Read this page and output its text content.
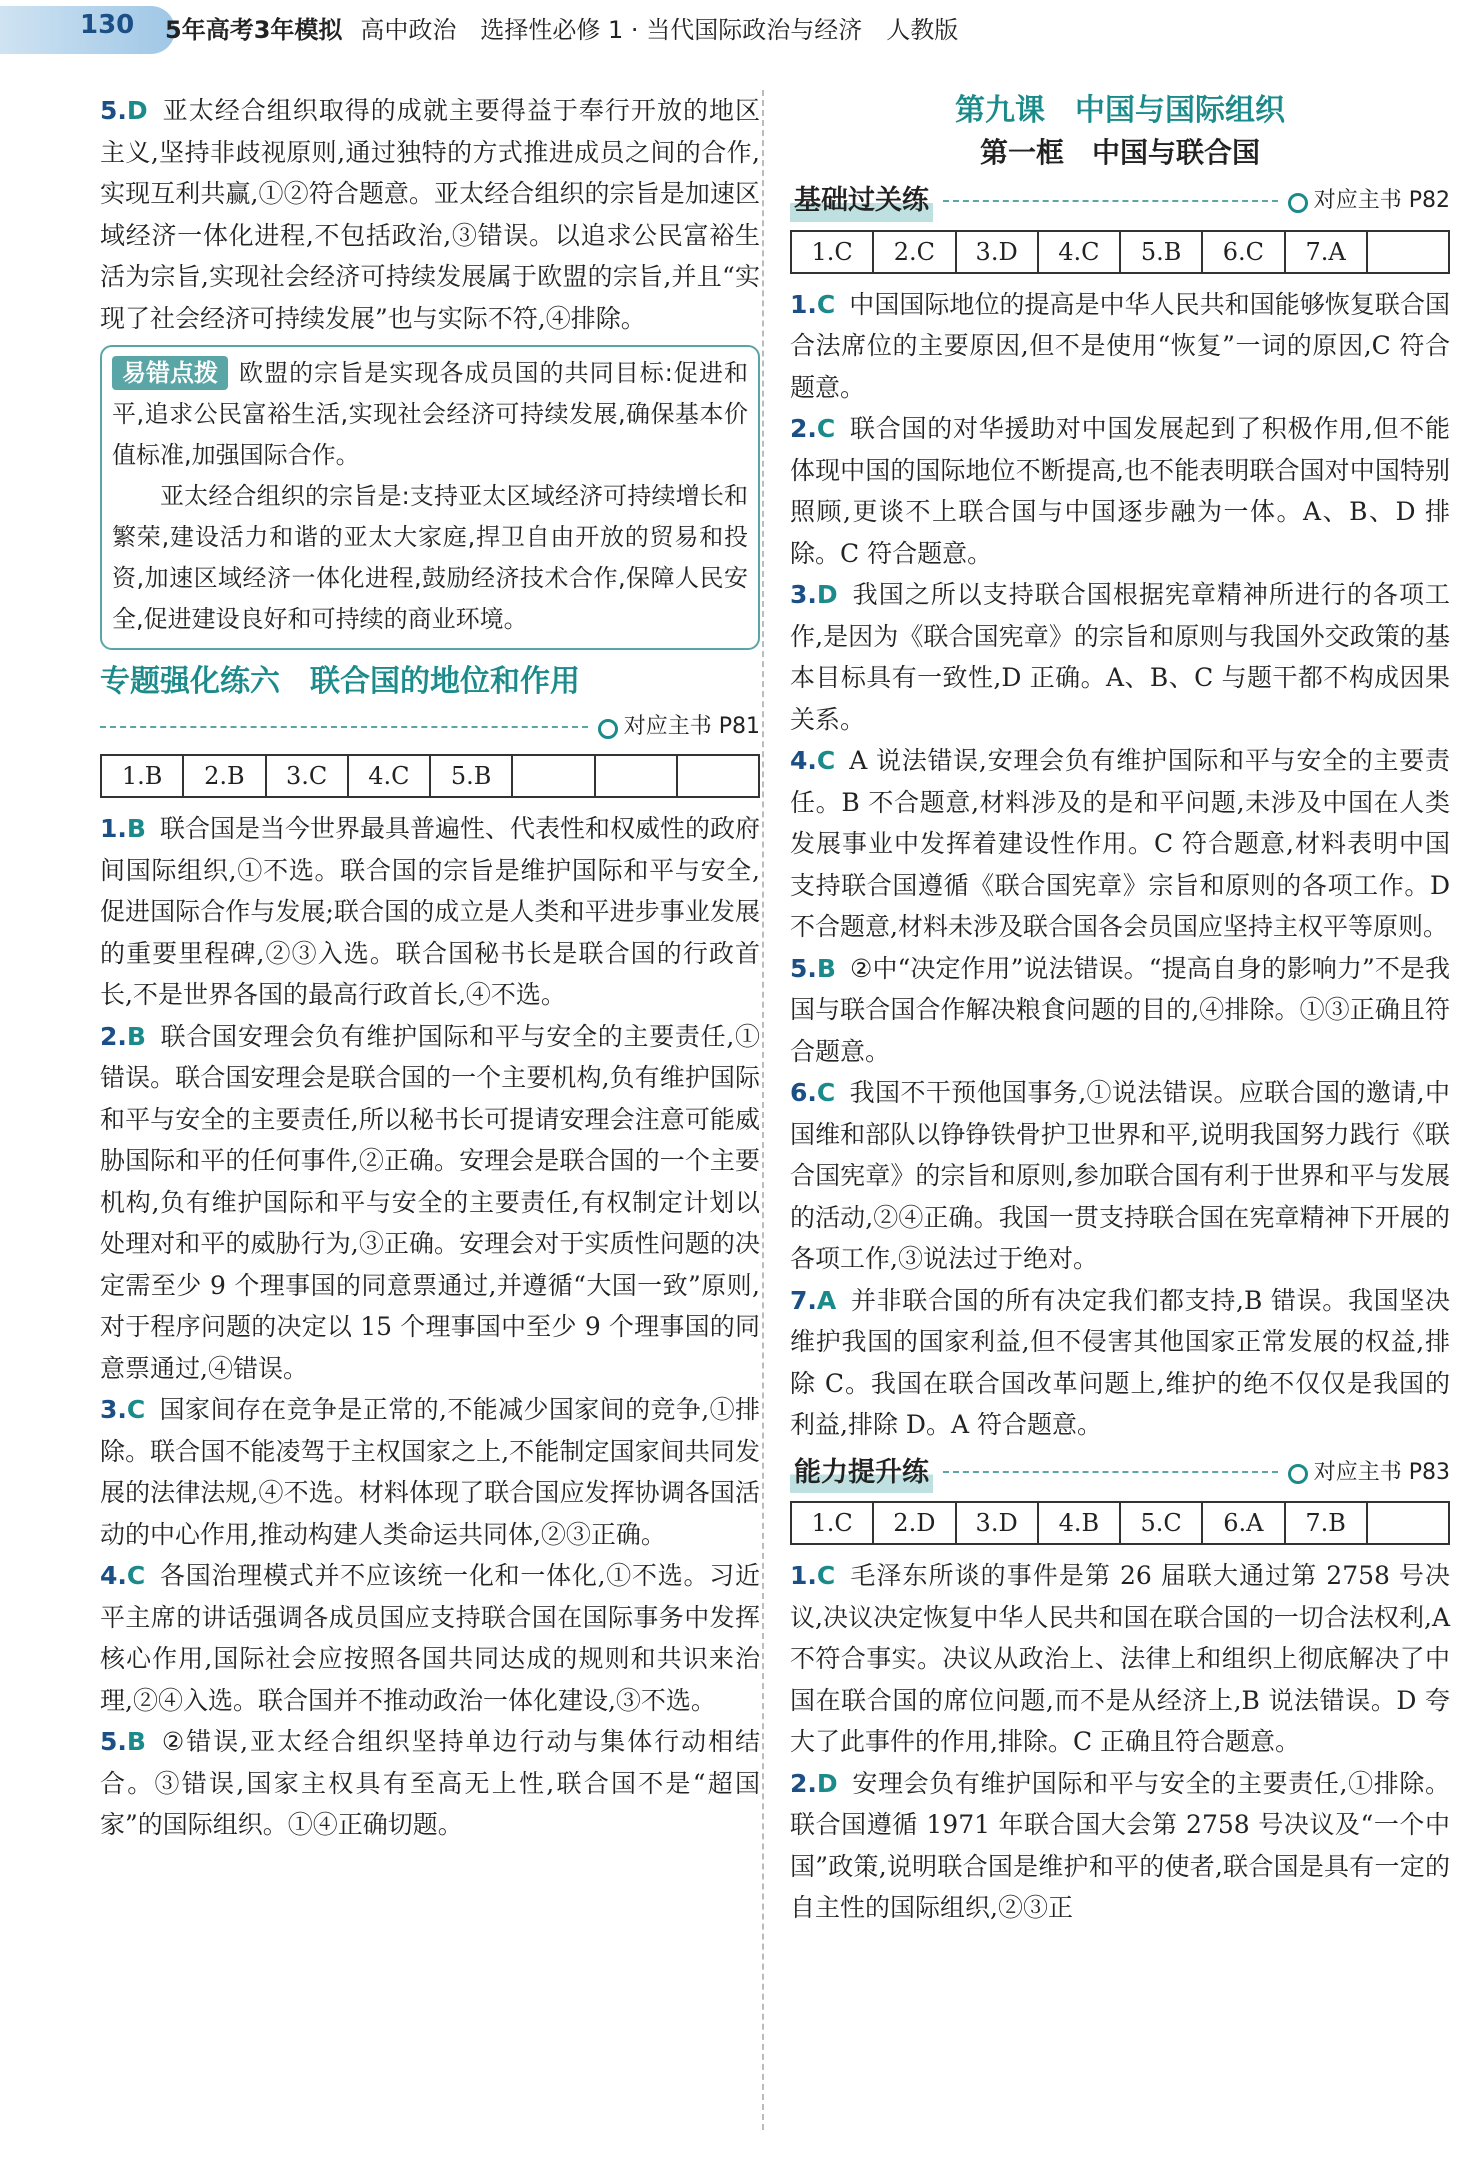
130 5年高考3年模拟 高中政治　选择性必修 1 · 当代国际政治与经济　人教版

5.D 亚太经合组织取得的成就主要得益于奉行开放的地区主义,坚持非歧视原则,通过独特的方式推进成员之间的合作,实现互利共赢,①②符合题意。亚太经合组织的宗旨是加速区域经济一体化进程,不包括政治,③错误。以追求公民富裕生活为宗旨,实现社会经济可持续发展属于欧盟的宗旨,并且“实现了社会经济可持续发展”也与实际不符,④排除。

易错点拨 欧盟的宗旨是实现各成员国的共同目标:促进和平,追求公民富裕生活,实现社会经济可持续发展,确保基本价值标准,加强国际合作。

亚太经合组织的宗旨是:支持亚太区域经济可持续增长和繁荣,建设活力和谐的亚太大家庭,捍卫自由开放的贸易和投资,加速区域经济一体化进程,鼓励经济技术合作,保障人民安全,促进建设良好和可持续的商业环境。

专题强化练六　联合国的地位和作用
对应主书 P81
1.B	2.B	3.C	4.C	5.B

1.B 联合国是当今世界最具普遍性、代表性和权威性的政府间国际组织,①不选。联合国的宗旨是维护国际和平与安全,促进国际合作与发展;联合国的成立是人类和平进步事业发展的重要里程碑,②③入选。联合国秘书长是联合国的行政首长,不是世界各国的最高行政首长,④不选。

2.B 联合国安理会负有维护国际和平与安全的主要责任,①错误。联合国安理会是联合国的一个主要机构,负有维护国际和平与安全的主要责任,所以秘书长可提请安理会注意可能威胁国际和平的任何事件,②正确。安理会是联合国的一个主要机构,负有维护国际和平与安全的主要责任,有权制定计划以处理对和平的威胁行为,③正确。安理会对于实质性问题的决定需至少 9 个理事国的同意票通过,并遵循“大国一致”原则,对于程序问题的决定以 15 个理事国中至少 9 个理事国的同意票通过,④错误。

3.C 国家间存在竞争是正常的,不能减少国家间的竞争,①排除。联合国不能凌驾于主权国家之上,不能制定国家间共同发展的法律法规,④不选。材料体现了联合国应发挥协调各国活动的中心作用,推动构建人类命运共同体,②③正确。

4.C 各国治理模式并不应该统一化和一体化,①不选。习近平主席的讲话强调各成员国应支持联合国在国际事务中发挥核心作用,国际社会应按照各国共同达成的规则和共识来治理,②④入选。联合国并不推动政治一体化建设,③不选。

5.B ②错误,亚太经合组织坚持单边行动与集体行动相结合。③错误,国家主权具有至高无上性,联合国不是“超国家”的国际组织。①④正确切题。

第九课　中国与国际组织
第一框　中国与联合国
基础过关练	对应主书 P82
1.C	2.C	3.D	4.C	5.B	6.C	7.A

1.C 中国国际地位的提高是中华人民共和国能够恢复联合国合法席位的主要原因,但不是使用“恢复”一词的原因,C 符合题意。

2.C 联合国的对华援助对中国发展起到了积极作用,但不能体现中国的国际地位不断提高,也不能表明联合国对中国特别照顾,更谈不上联合国与中国逐步融为一体。A、B、D 排除。C 符合题意。

3.D 我国之所以支持联合国根据宪章精神所进行的各项工作,是因为《联合国宪章》的宗旨和原则与我国外交政策的基本目标具有一致性,D 正确。A、B、C 与题干都不构成因果关系。

4.C A 说法错误,安理会负有维护国际和平与安全的主要责任。B 不合题意,材料涉及的是和平问题,未涉及中国在人类发展事业中发挥着建设性作用。C 符合题意,材料表明中国支持联合国遵循《联合国宪章》宗旨和原则的各项工作。D 不合题意,材料未涉及联合国各会员国应坚持主权平等原则。

5.B ②中“决定作用”说法错误。“提高自身的影响力”不是我国与联合国合作解决粮食问题的目的,④排除。①③正确且符合题意。

6.C 我国不干预他国事务,①说法错误。应联合国的邀请,中国维和部队以铮铮铁骨护卫世界和平,说明我国努力践行《联合国宪章》的宗旨和原则,参加联合国有利于世界和平与发展的活动,②④正确。我国一贯支持联合国在宪章精神下开展的各项工作,③说法过于绝对。

7.A 并非联合国的所有决定我们都支持,B 错误。我国坚决维护我国的国家利益,但不侵害其他国家正常发展的权益,排除 C。我国在联合国改革问题上,维护的绝不仅仅是我国的利益,排除 D。A 符合题意。

能力提升练	对应主书 P83
1.C	2.D	3.D	4.B	5.C	6.A	7.B

1.C 毛泽东所谈的事件是第 26 届联大通过第 2758 号决议,决议决定恢复中华人民共和国在联合国的一切合法权利,A 不符合事实。决议从政治上、法律上和组织上彻底解决了中国在联合国的席位问题,而不是从经济上,B 说法错误。D 夸大了此事件的作用,排除。C 正确且符合题意。

2.D 安理会负有维护国际和平与安全的主要责任,①排除。联合国遵循 1971 年联合国大会第 2758 号决议及“一个中国”政策,说明联合国是维护和平的使者,联合国是具有一定的自主性的国际组织,②③正
